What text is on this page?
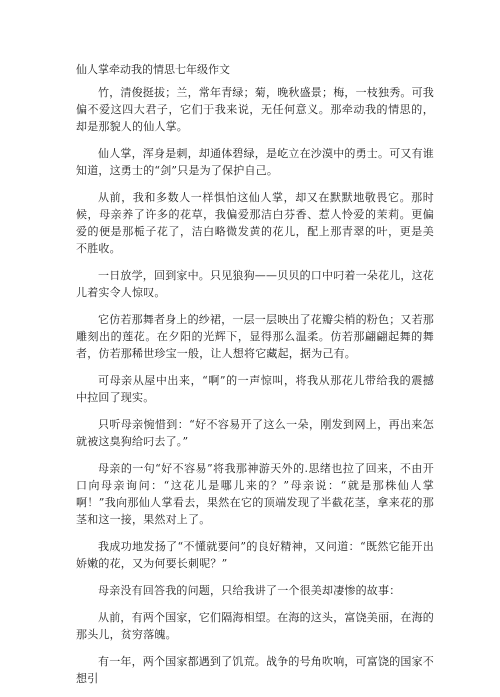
仙人掌牵动我的情思七年级作文

竹，清俊挺拔；兰，常年青绿；菊，晚秋盛景；梅，一枝独秀。可我偏不爱这四大君子，它们于我来说，无任何意义。那牵动我的情思的，却是那貌人的仙人掌。

仙人掌，浑身是刺，却通体碧绿，是屹立在沙漠中的勇士。可又有谁知道，这勇士的“剑”只是为了保护自己。

从前，我和多数人一样惧怕这仙人掌，却又在默默地敬畏它。那时候，母亲养了许多的花草，我偏爱那洁白芬香、惹人怜爱的茉莉。更偏爱的便是那栀子花了，洁白略微发黄的花儿，配上那青翠的叶，更是美不胜收。

一日放学，回到家中。只见狼狗——贝贝的口中叼着一朵花儿，这花儿着实令人惊叹。

它仿若那舞者身上的纱裙，一层一层映出了花瓣尖梢的粉色；又若那雕刻出的莲花。在夕阳的光辉下，显得那么温柔。仿若那翩翩起舞的舞者，仿若那稀世珍宝一般，让人想将它藏起，据为己有。

可母亲从屋中出来，“啊”的一声惊叫，将我从那花儿带给我的震撼中拉回了现实。

只听母亲惋惜到：“好不容易开了这么一朵，刚发到网上，再出来怎就被这臭狗给叼去了。”

母亲的一句“好不容易”将我那神游天外的.思绪也拉了回来，不由开口向母亲询问：“这花儿是哪儿来的？”母亲说：“就是那株仙人掌啊！”我向那仙人掌看去，果然在它的顶端发现了半截花茎，拿来花的那茎和这一接，果然对上了。

我成功地发扬了“不懂就要问”的良好精神，又问道：“既然它能开出娇嫩的花，又为何要长刺呢？”

母亲没有回答我的问题，只给我讲了一个很美却凄惨的故事：

从前，有两个国家，它们隔海相望。在海的这头，富饶美丽，在海的那头儿，贫穷落魄。

有一年，两个国家都遇到了饥荒。战争的号角吹响，可富饶的国家不想引
